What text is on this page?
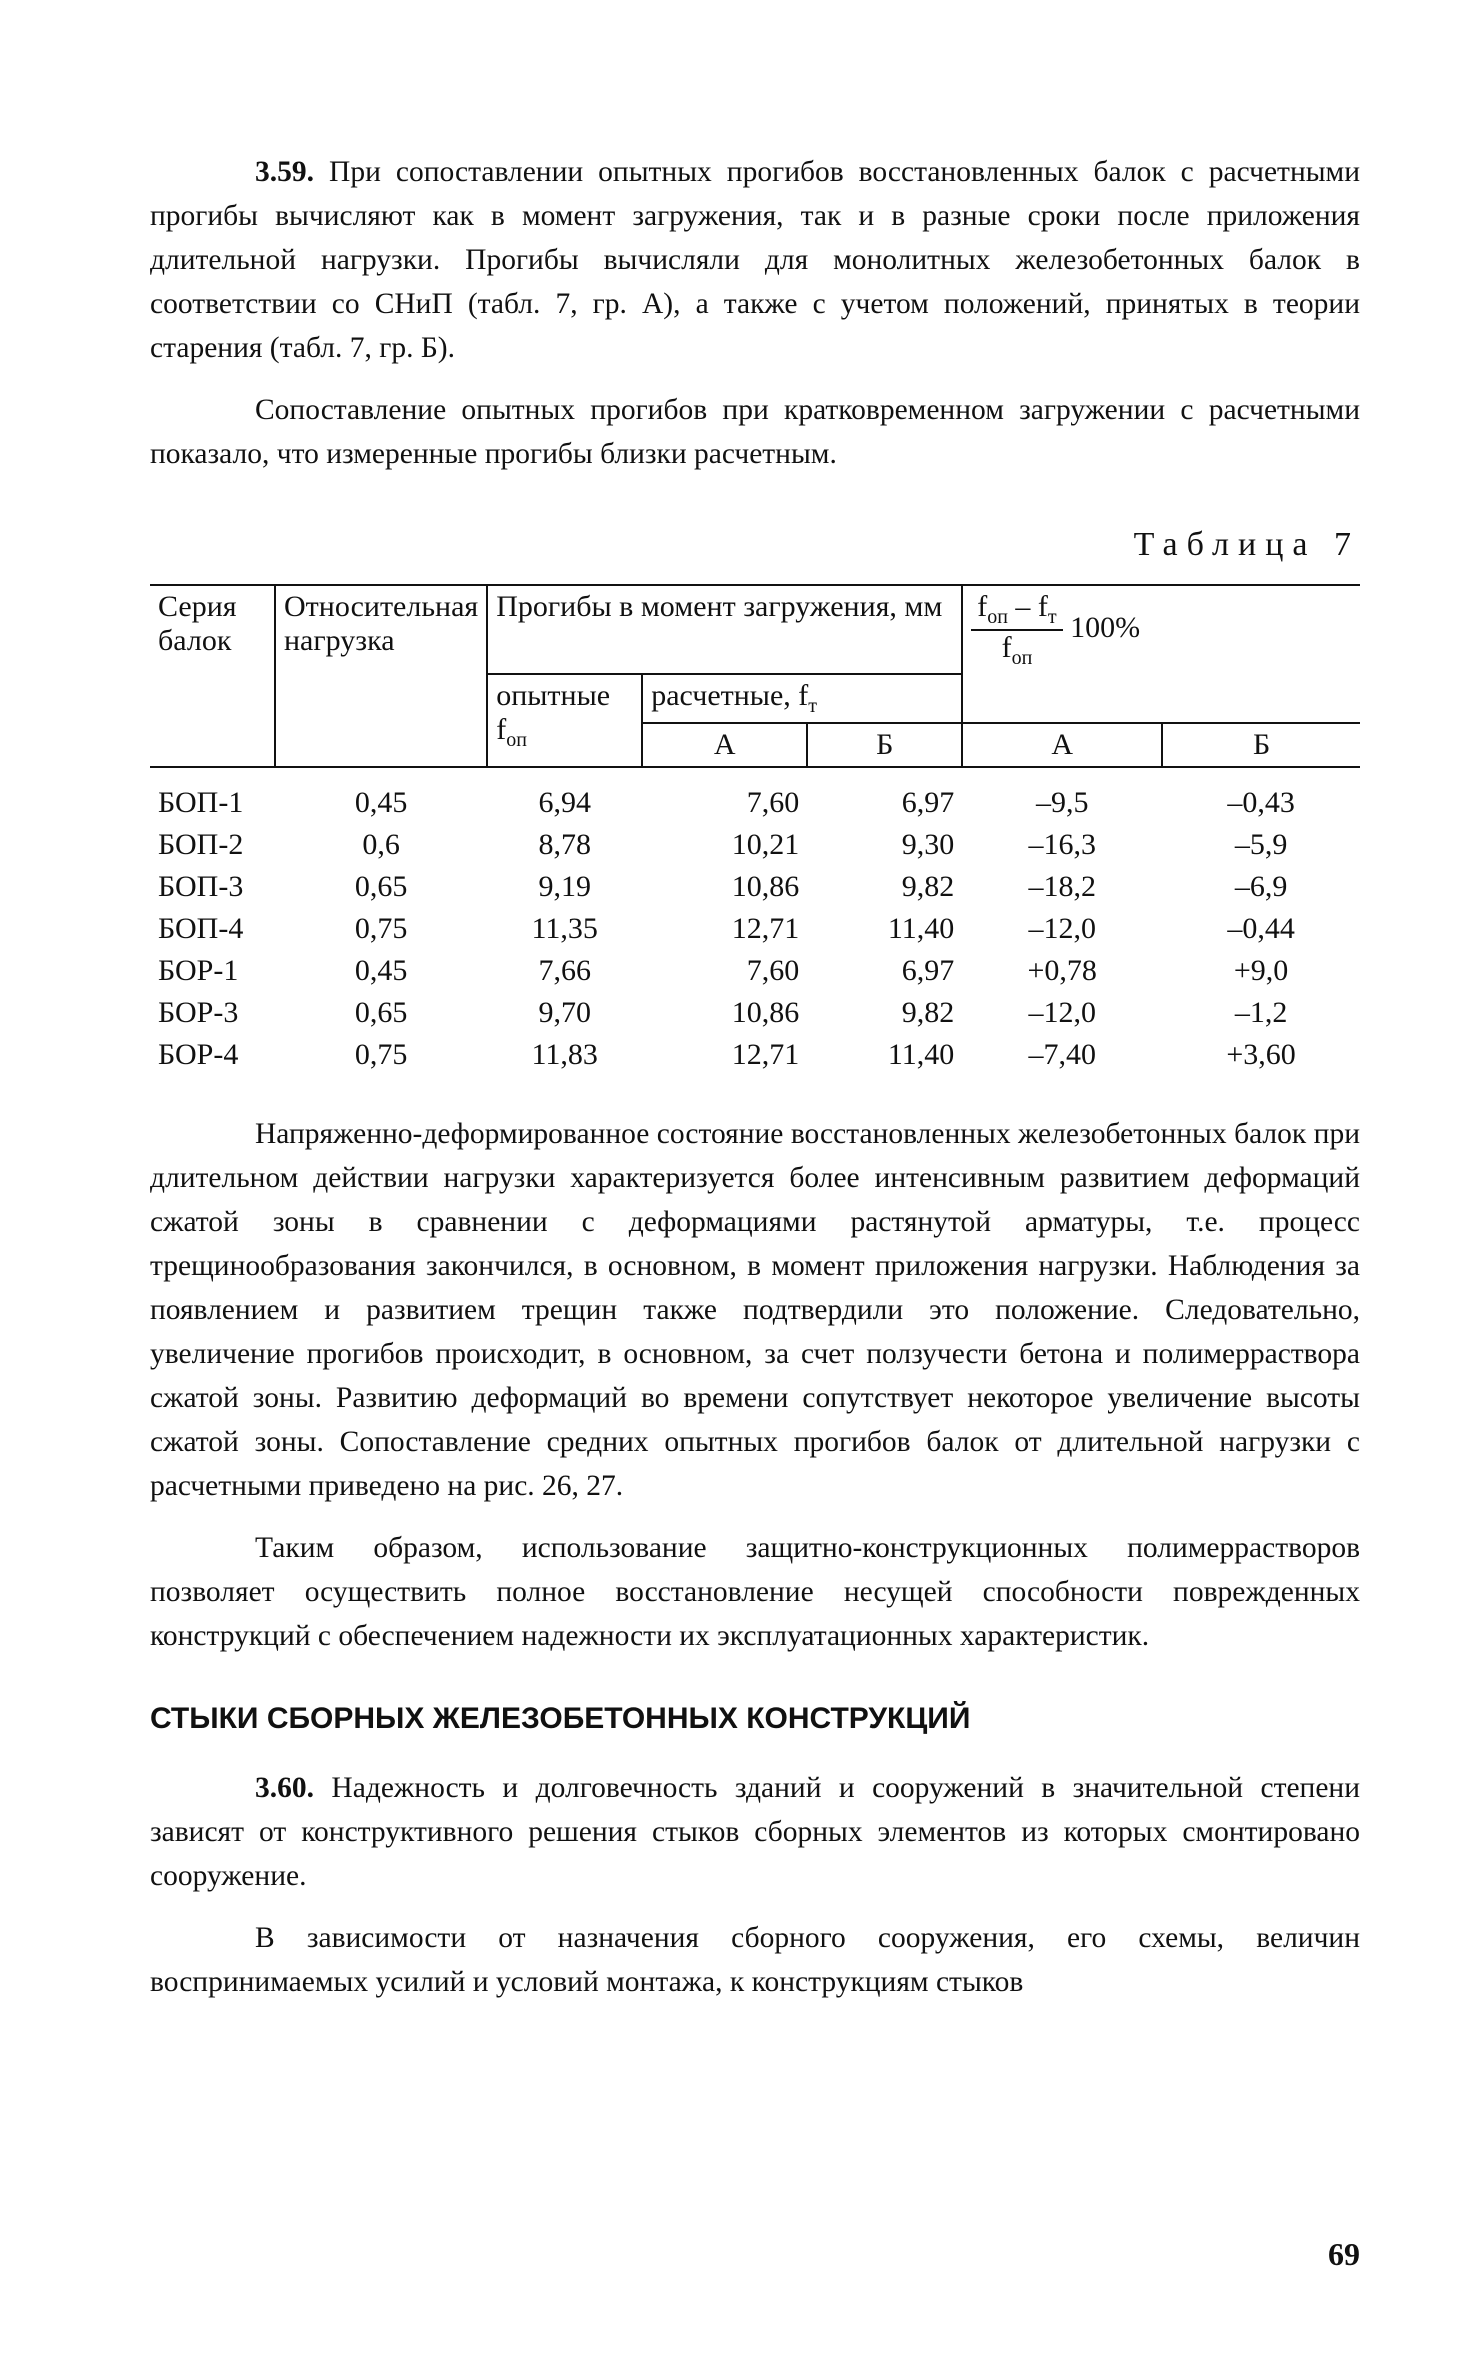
3.59. При сопоставлении опытных прогибов восстановленных балок с расчетными прогибы вычисляют как в момент загружения, так и в разные сроки после приложения длительной нагрузки. Прогибы вычисляли для монолитных железобетонных балок в соответствии со СНиП (табл. 7, гр. А), а также с учетом положений, принятых в теории старения (табл. 7, гр. Б).

Сопоставление опытных прогибов при кратковременном загружении с расчетными показало, что измеренные прогибы близки расчетным.

Таблица 7
Серия балок	Относительная нагрузка	Прогибы в момент загружения, мм			$\frac{f_{оп} - f_т}{f_{оп}} 100\%$	
		опытные $f_{оп}$	расчетные, $f_т$	
			А	Б	А	Б
БОП-1	0,45	6,94	7,60	6,97	–9,5	–0,43
БОП-2	0,6	8,78	10,21	9,30	–16,3	–5,9
БОП-3	0,65	9,19	10,86	9,82	–18,2	–6,9
БОП-4	0,75	11,35	12,71	11,40	–12,0	–0,44
БОР-1	0,45	7,66	7,60	6,97	+0,78	+9,0
БОР-3	0,65	9,70	10,86	9,82	–12,0	–1,2
БОР-4	0,75	11,83	12,71	11,40	–7,40	+3,60

Напряженно-деформированное состояние восстановленных железобетонных балок при длительном действии нагрузки характеризуется более интенсивным развитием деформаций сжатой зоны в сравнении с деформациями растянутой арматуры, т.е. процесс трещинообразования закончился, в основном, в момент приложения нагрузки. Наблюдения за появлением и развитием трещин также подтвердили это положение. Следовательно, увеличение прогибов происходит, в основном, за счет ползучести бетона и полимерраствора сжатой зоны. Развитию деформаций во времени сопутствует некоторое увеличение высоты сжатой зоны. Сопоставление средних опытных прогибов балок от длительной нагрузки с расчетными приведено на рис. 26, 27.

Таким образом, использование защитно-конструкционных полимеррастворов позволяет осуществить полное восстановление несущей способности поврежденных конструкций с обеспечением надежности их эксплуатационных характеристик.

СТЫКИ СБОРНЫХ ЖЕЛЕЗОБЕТОННЫХ КОНСТРУКЦИЙ

3.60. Надежность и долговечность зданий и сооружений в значительной степени зависят от конструктивного решения стыков сборных элементов из которых смонтировано сооружение.

В зависимости от назначения сборного сооружения, его схемы, величин воспринимаемых усилий и условий монтажа, к конструкциям стыков

69
